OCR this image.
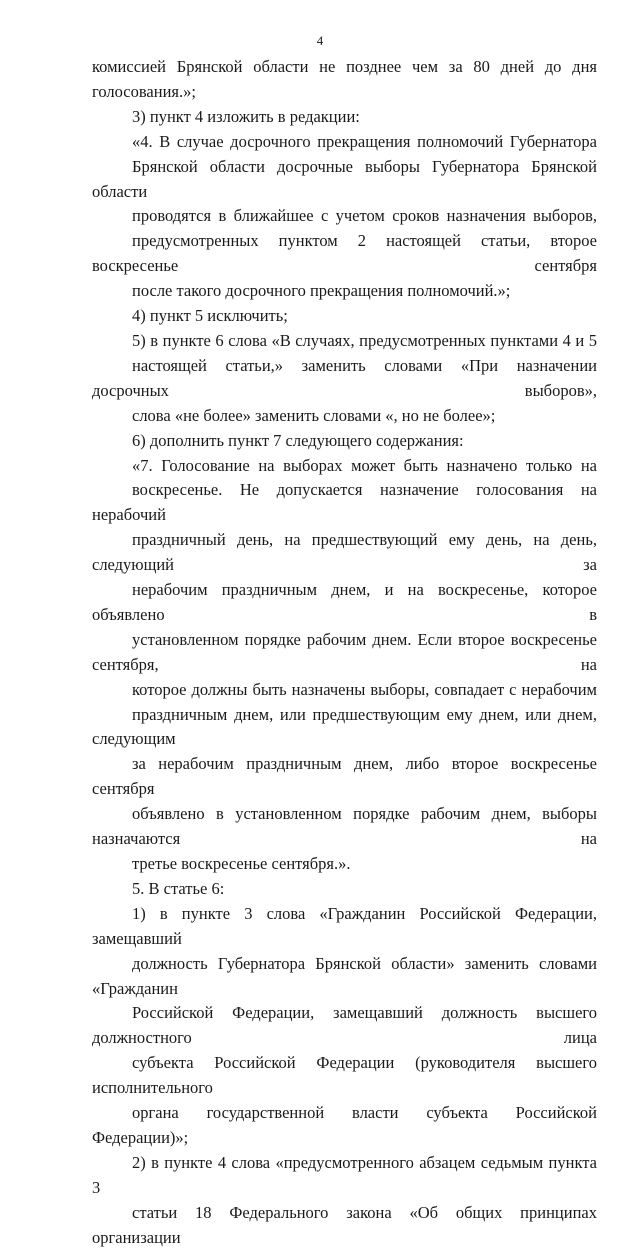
4

комиссией Брянской области не позднее чем за 80 дней до дня голосования.»;

3) пункт 4 изложить в редакции:

«4. В случае досрочного прекращения полномочий Губернатора
Брянской области досрочные выборы Губернатора Брянской области
проводятся в ближайшее с учетом сроков назначения выборов,
предусмотренных пунктом 2 настоящей статьи, второе воскресенье сентября
после такого досрочного прекращения полномочий.»;

4) пункт 5 исключить;

5) в пункте 6 слова «В случаях, предусмотренных пунктами 4 и 5
настоящей статьи,» заменить словами «При назначении досрочных выборов»,
слова «не более» заменить словами «, но не более»;

6) дополнить пункт 7 следующего содержания:

«7. Голосование на выборах может быть назначено только на
воскресенье. Не допускается назначение голосования на нерабочий
праздничный день, на предшествующий ему день, на день, следующий за
нерабочим праздничным днем, и на воскресенье, которое объявлено в
установленном порядке рабочим днем. Если второе воскресенье сентября, на
которое должны быть назначены выборы, совпадает с нерабочим
праздничным днем, или предшествующим ему днем, или днем, следующим
за нерабочим праздничным днем, либо второе воскресенье сентября
объявлено в установленном порядке рабочим днем, выборы назначаются на
третье воскресенье сентября.».

5. В статье 6:

1) в пункте 3 слова «Гражданин Российской Федерации, замещавший
должность Губернатора Брянской области» заменить словами «Гражданин
Российской Федерации, замещавший должность высшего должностного лица
субъекта Российской Федерации (руководителя высшего исполнительного
органа государственной власти субъекта Российской Федерации)»;

2) в пункте 4 слова «предусмотренного абзацем седьмым пункта 3
статьи 18 Федерального закона «Об общих принципах организации
